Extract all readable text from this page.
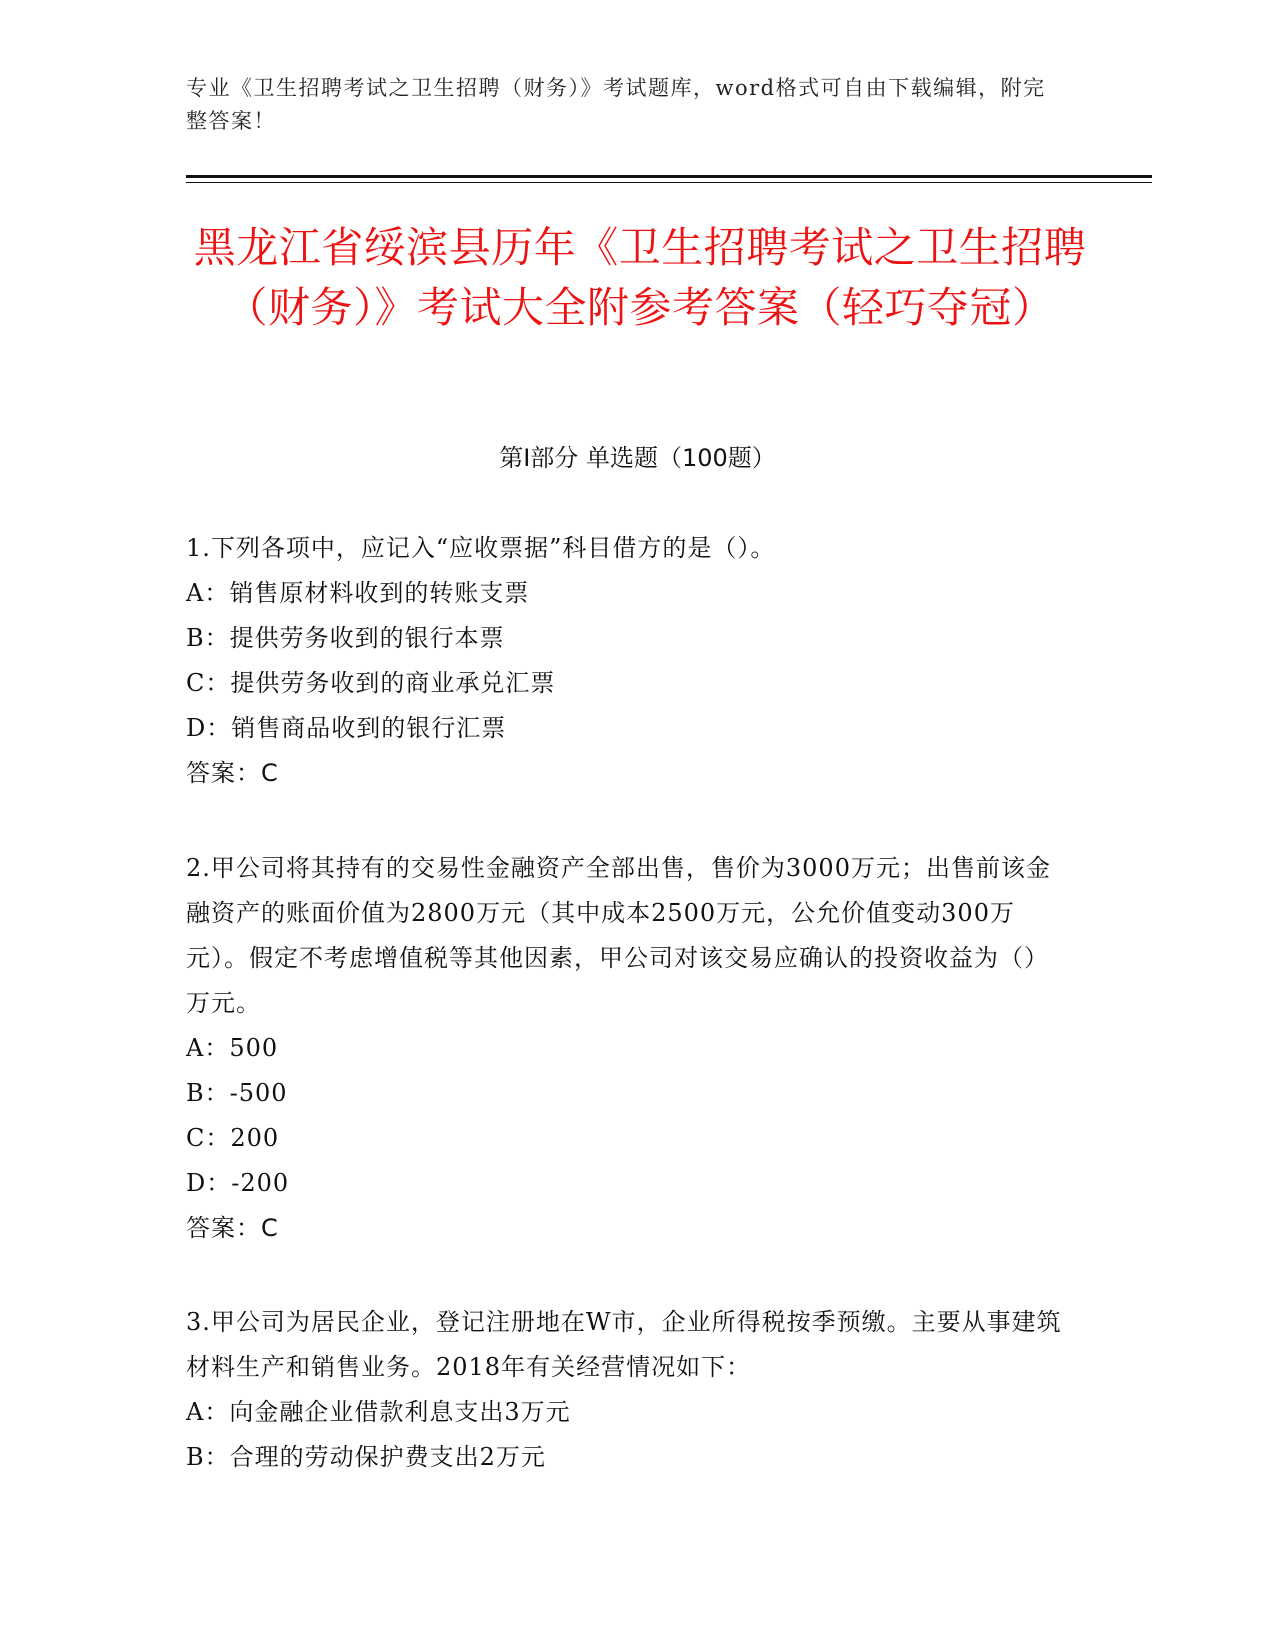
专业《卫生招聘考试之卫生招聘（财务）》考试题库，word格式可自由下载编辑，附完整答案！
黑龙江省绥滨县历年《卫生招聘考试之卫生招聘（财务）》考试大全附参考答案（轻巧夺冠）
第Ⅰ部分 单选题（100题）
1.下列各项中，应记入“应收票据”科目借方的是（）。
A：销售原材料收到的转账支票
B：提供劳务收到的银行本票
C：提供劳务收到的商业承兑汇票
D：销售商品收到的银行汇票
答案：C
2.甲公司将其持有的交易性金融资产全部出售，售价为3000万元；出售前该金融资产的账面价值为2800万元（其中成本2500万元，公允价值变动300万元）。假定不考虑增值税等其他因素，甲公司对该交易应确认的投资收益为（）万元。
A：500
B：-500
C：200
D：-200
答案：C
3.甲公司为居民企业，登记注册地在W市，企业所得税按季预缴。主要从事建筑材料生产和销售业务。2018年有关经营情况如下：
A：向金融企业借款利息支出3万元
B：合理的劳动保护费支出2万元
